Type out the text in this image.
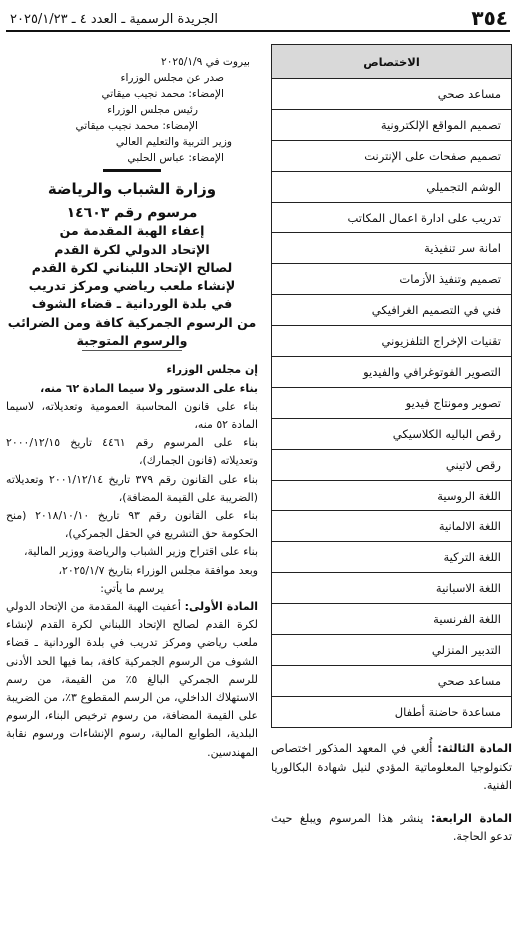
٣٥٤
الجريدة الرسمية ـ العدد ٤ ـ ٢٠٢٥/١/٢٣
الاختصاص
مساعد صحي
تصميم المواقع الإلكترونية
تصميم صفحات على الإنترنت
الوشم التجميلي
تدريب على ادارة اعمال المكاتب
امانة سر تنفيذية
تصميم وتنفيذ الأزمات
فني في التصميم الغرافيكي
تقنيات الإخراج التلفزيوني
التصوير الفوتوغرافي والفيديو
تصوير ومونتاج فيديو
رقص الباليه الكلاسيكي
رقص لاتيني
اللغة الروسية
اللغة الالمانية
اللغة التركية
اللغة الاسبانية
اللغة الفرنسية
التدبير المنزلي
مساعد صحي
مساعدة حاضنة أطفال

المادة الثالثة: أُلغي في المعهد المذكور اختصاص تكنولوجيا المعلوماتية المؤدي لنيل شهادة البكالوريا الفنية.

المادة الرابعة: ينشر هذا المرسوم ويبلغ حيث تدعو الحاجة.

بيروت في ٢٠٢٥/١/٩
صدر عن مجلس الوزراء
الإمضاء: محمد نجيب ميقاتي
رئيس مجلس الوزراء
الإمضاء: محمد نجيب ميقاتي
وزير التربية والتعليم العالي
الإمضاء: عباس الحلبي
وزارة الشباب والرياضة
مرسوم رقم ١٤٦٠٣
إعفاء الهبة المقدمة من
الإتحاد الدولي لكرة القدم
لصالح الإتحاد اللبناني لكرة القدم
لإنشاء ملعب رياضي ومركز تدريب
في بلدة الوردانية ـ قضاء الشوف
من الرسوم الجمركية كافة ومن الضرائب
والرسوم المتوجبة

إن مجلس الوزراء

بناء على الدستور ولا سيما المادة ٦٢ منه،

بناء على قانون المحاسبة العمومية وتعديلاته، لاسيما المادة ٥٢ منه،

بناء على المرسوم رقم ٤٤٦١ تاريخ ٢٠٠٠/١٢/١٥ وتعديلاته (قانون الجمارك)،

بناء على القانون رقم ٣٧٩ تاريخ ٢٠٠١/١٢/١٤ وتعديلاته (الضريبة على القيمة المضافة)،

بناء على القانون رقم ٩٣ تاريخ ٢٠١٨/١٠/١٠ (منح الحكومة حق التشريع في الحقل الجمركي)،

بناء على اقتراح وزير الشباب والرياضة ووزير المالية،

وبعد موافقة مجلس الوزراء بتاريخ ٢٠٢٥/١/٧،

يرسم ما يأتي:

المادة الأولى: أعفيت الهبة المقدمة من الإتحاد الدولي لكرة القدم لصالح الإتحاد اللبناني لكرة القدم لإنشاء ملعب رياضي ومركز تدريب في بلدة الوردانية ـ قضاء الشوف من الرسوم الجمركية كافة، بما فيها الحد الأدنى للرسم الجمركي البالغ ٥٪ من القيمة، من رسم الاستهلاك الداخلي، من الرسم المقطوع ٣٪، من الضريبة على القيمة المضافة، من رسوم ترخيص البناء، الرسوم البلدية، الطوابع المالية، رسوم الإنشاءات ورسوم نقابة المهندسين.
